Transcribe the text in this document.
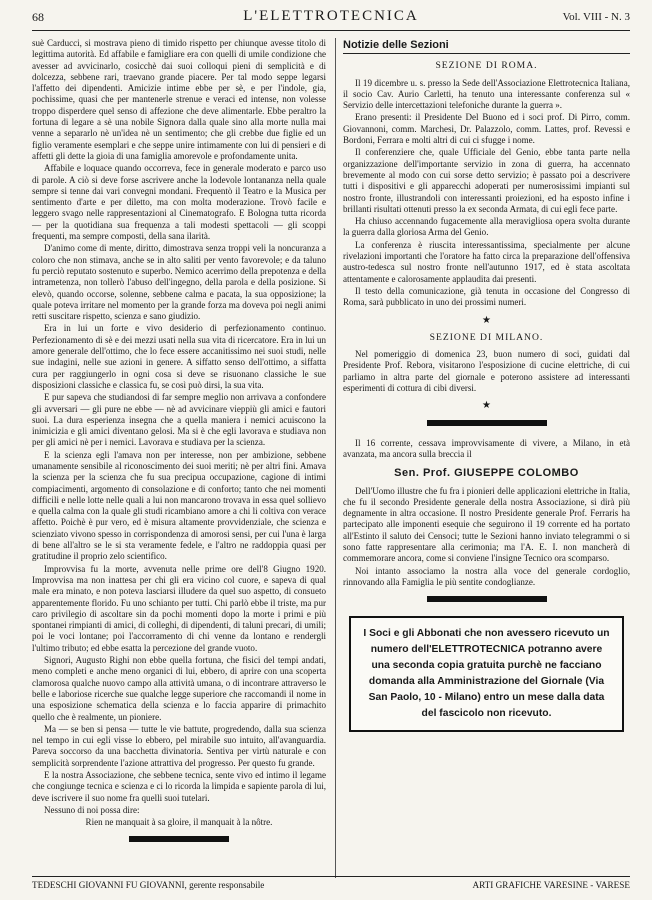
68	L'ELETTROTECNICA	Vol. VIII - N. 3

suè Carducci, si mostrava pieno di timido rispetto per chiunque avesse titolo di legittima autorità. Ed affabile e famigliare era con quelli di umile condizione che avesser ad avvicinarlo, cosicchè dai suoi colloqui pieni di semplicità e di dolcezza, sebbene rari, traevano grande piacere. Per tal modo seppe legarsi l'affetto dei dipendenti. Amicizie intime ebbe per sè, e per l'indole, gia, pochissime, quasi che per mantenerle strenue e veraci ed intense, non volesse troppo disperdere quel senso di affezione che deve alimentarle. Ebbe peraltro la fortuna di legare a sè una nobile Signora dalla quale sino alla morte nulla mai venne a separarlo nè un'idea nè un sentimento; che gli crebbe due figlie ed un figlio veramente esemplari e che seppe unire intimamente con lui di pensieri e di affetti gli dette la gioia di una famiglia amorevole e profondamente unita.

Affabile e loquace quando occorreva, fece in generale moderato e parco uso di parole. A ciò si deve forse ascrivere anche la lodevole lontananza nella quale sempre si tenne dai vari convegni mondani. Frequentò il Teatro e la Musica per sentimento d'arte e per diletto, ma con molta moderazione. Trovò facile e leggero svago nelle rappresentazioni al Cinematografo. E Bologna tutta ricorda — per la quotidiana sua frequenza a tali modesti spettacoli — gli scoppi frequenti, ma sempre composti, della sana ilarità.

D'animo come di mente, diritto, dimostrava senza troppi veli la noncuranza a coloro che non stimava, anche se in alto saliti per vento favorevole; e da taluno fu perciò reputato sostenuto e superbo. Nemico acerrimo della prepotenza e della intrametenza, non tollerò l'abuso dell'ingegno, della parola e della posizione. Si elevò, quando occorse, solenne, sebbene calma e pacata, la sua opposizione; la quale poteva irritare nel momento per la grande forza ma doveva poi negli animi retti suscitare rispetto, scienza e sano giudizio.

Era in lui un forte e vivo desiderio di perfezionamento continuo. Perfezionamento di sè e dei mezzi usati nella sua vita di ricercatore. Era in lui un amore generale dell'ottimo, che lo fece essere accanitissimo nei suoi studi, nelle sue indagini, nelle sue azioni in genere. A siffatto senso dell'ottimo, a siffatta cura per raggiungerlo in ogni cosa si deve se risuonano classiche le sue disposizioni classiche e classica fu, se così può dirsi, la sua vita.

E pur sapeva che studiandosi di far sempre meglio non arrivava a confondere gli avversari — gli pure ne ebbe — nè ad avvicinare vieppiù gli amici e fautori suoi. La dura esperienza insegna che a quella maniera i nemici acuiscono la inimicizia e gli amici diventano gelosi. Ma si è che egli lavorava e studiava non per gli amici nè per i nemici. Lavorava e studiava per la scienza.

E la scienza egli l'amava non per interesse, non per ambizione, sebbene umanamente sensibile al riconoscimento dei suoi meriti; nè per altri fini. Amava la scienza per la scienza che fu sua precipua occupazione, cagione di intimi compiacimenti, argomento di consolazione e di conforto; tanto che nei momenti difficili e nelle lotte nelle quali a lui non mancarono trovava in essa quel sollievo e quella calma con la quale gli studi ricambiano amore a chi li coltiva con verace affetto. Poichè è pur vero, ed è misura altamente provvidenziale, che scienza e scienziato vivono spesso in corrispondenza di amorosi sensi, per cui l'una è larga di bene all'altro se le si sta veramente fedele, e l'altro ne raddoppia quasi per gratitudine il proprio zelo scientifico.

Improvvisa fu la morte, avvenuta nelle prime ore dell'8 Giugno 1920. Improvvisa ma non inattesa per chi gli era vicino col cuore, e sapeva di qual male era minato, e non poteva lasciarsi illudere da quel suo aspetto, di consueto apparentemente florido. Fu uno schianto per tutti. Chi parlò ebbe il triste, ma pur caro privilegio di ascoltare sin da pochi momenti dopo la morte i primi e più spontanei rimpianti di amici, di colleghi, di dipendenti, di taluni precari, di umili; poi le voci lontane; poi l'accorramento di chi venne da lontano e rendergli l'ultimo tributo; ed ebbe esatta la percezione del grande vuoto.

Signori, Augusto Righi non ebbe quella fortuna, che fisici del tempi andati, meno completi e anche meno organici di lui, ebbero, di aprire con una scoperta clamorosa qualche nuovo campo alla attività umana, o di incontrare attraverso le belle e laboriose ricerche sue qualche legge superiore che raccomandi il nome in una esposizione schematica della scienza e lo faccia apparire di primachito quello che è realmente, un pioniere.

Ma — se ben si pensa — tutte le vie battute, progredendo, dalla sua scienza nel tempo in cui egli visse lo ebbero, pel mirabile suo intuito, all'avanguardia. Pareva soccorso da una bacchetta divinatoria. Sentiva per virtù naturale e con semplicità sorprendente l'azione attrattiva del progresso. Per questo fu grande.

E la nostra Associazione, che sebbene tecnica, sente vivo ed intimo il legame che congiunge tecnica e scienza e ci lo ricorda la limpida e sapiente parola di lui, deve iscrivere il suo nome fra quelli suoi tutelari.

Nessuno di noi possa dire:

Rien ne manquait à sa gloire, il manquait à la nôtre.

Notizie delle Sezioni
SEZIONE DI ROMA.

Il 19 dicembre u. s. presso la Sede dell'Associazione Elettrotecnica Italiana, il socio Cav. Aurio Carletti, ha tenuto una interessante conferenza sul « Servizio delle intercettazioni telefoniche durante la guerra ».

Erano presenti: il Presidente Del Buono ed i soci prof. Di Pirro, comm. Giovannoni, comm. Marchesi, Dr. Palazzolo, comm. Lattes, prof. Revessi e Bordoni, Ferrara e molti altri di cui ci sfugge i nome.

Il conferenziere che, quale Ufficiale del Genio, ebbe tanta parte nella organizzazione dell'importante servizio in zona di guerra, ha accennato brevemente al modo con cui sorse detto servizio; è passato poi a descrivere tutti i dispositivi e gli apparecchi adoperati per numerosissimi impianti sul nostro fronte, illustrandoli con interessanti proiezioni, ed ha esposto infine i brillanti risultati ottenuti presso la ex seconda Armata, di cui egli fece parte.

Ha chiuso accennando fugacemente alla meravigliosa opera svolta durante la guerra dalla gloriosa Arma del Genio.

La conferenza è riuscita interessantissima, specialmente per alcune rivelazioni importanti che l'oratore ha fatto circa la preparazione dell'offensiva austro-tedesca sul nostro fronte nell'autunno 1917, ed è stata ascoltata attentamente e calorosamente applaudita dai presenti.

Il testo della comunicazione, già tenuta in occasione del Congresso di Roma, sarà pubblicato in uno dei prossimi numeri.

★
SEZIONE DI MILANO.

Nel pomeriggio di domenica 23, buon numero di soci, guidati dal Presidente Prof. Rebora, visitarono l'esposizione di cucine elettriche, di cui parliamo in altra parte del giornale e poterono assistere ad interessanti esperimenti di cottura di cibi diversi.

★

Il 16 corrente, cessava improvvisamente di vivere, a Milano, in età avanzata, ma ancora sulla breccia il

Sen. Prof. GIUSEPPE COLOMBO

Dell'Uomo illustre che fu fra i pionieri delle applicazioni elettriche in Italia, che fu il secondo Presidente generale della nostra Associazione, si dirà più degnamente in altra occasione. Il nostro Presidente generale Prof. Ferraris ha partecipato alle imponenti esequie che seguirono il 19 corrente ed ha portato all'Estinto il saluto dei Censoci; tutte le Sezioni hanno inviato telegrammi o si sono fatte rappresentare alla cerimonia; ma l'A. E. I. non mancherà di commemorare ancora, come si conviene l'insigne Tecnico ora scomparso.

Noi intanto associamo la nostra alla voce del generale cordoglio, rinnovando alla Famiglia le più sentite condoglianze.

I Soci e gli Abbonati che non avessero ricevuto un numero dell'ELETTROTECNICA potranno avere una seconda copia gratuita purchè ne facciano domanda alla Amministrazione del Giornale (Via San Paolo, 10 - Milano) entro un mese dalla data del fascicolo non ricevuto.
TEDESCHI GIOVANNI FU GIOVANNI, gerente responsabile	ARTI GRAFICHE VARESINE - VARESE
